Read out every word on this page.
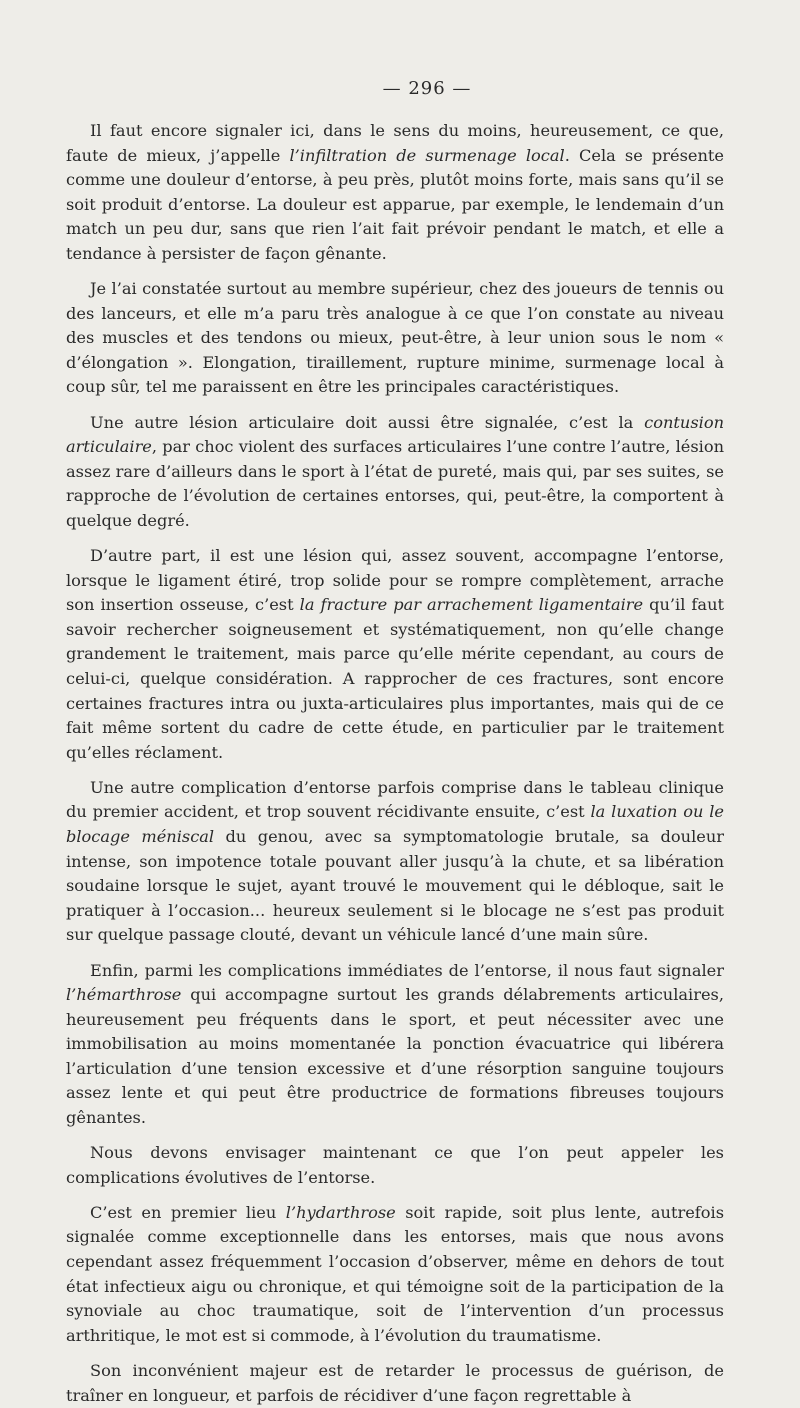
— 296 —

Il faut encore signaler ici, dans le sens du moins, heureusement, ce que, faute de mieux, j’appelle l’infiltration de surmenage local. Cela se présente comme une douleur d’entorse, à peu près, plutôt moins forte, mais sans qu’il se soit produit d’entorse. La douleur est apparue, par exemple, le lendemain d’un match un peu dur, sans que rien l’ait fait prévoir pendant le match, et elle a tendance à persister de façon gênante.

Je l’ai constatée surtout au membre supérieur, chez des joueurs de tennis ou des lanceurs, et elle m’a paru très analogue à ce que l’on constate au niveau des muscles et des tendons ou mieux, peut-être, à leur union sous le nom « d’élongation ». Elongation, tiraillement, rupture minime, surmenage local à coup sûr, tel me paraissent en être les principales caractéristiques.

Une autre lésion articulaire doit aussi être signalée, c’est la contusion articulaire, par choc violent des surfaces articulaires l’une contre l’autre, lésion assez rare d’ailleurs dans le sport à l’état de pureté, mais qui, par ses suites, se rapproche de l’évolution de certaines entorses, qui, peut-être, la comportent à quelque degré.

D’autre part, il est une lésion qui, assez souvent, accompagne l’entorse, lorsque le ligament étiré, trop solide pour se rompre complètement, arrache son insertion osseuse, c’est la fracture par arrachement ligamentaire qu’il faut savoir rechercher soigneusement et systématiquement, non qu’elle change grandement le traitement, mais parce qu’elle mérite cependant, au cours de celui-ci, quelque considération. A rapprocher de ces fractures, sont encore certaines fractures intra ou juxta-articulaires plus importantes, mais qui de ce fait même sortent du cadre de cette étude, en particulier par le traitement qu’elles réclament.

Une autre complication d’entorse parfois comprise dans le tableau clinique du premier accident, et trop souvent récidivante ensuite, c’est la luxation ou le blocage méniscal du genou, avec sa symptomatologie brutale, sa douleur intense, son impotence totale pouvant aller jusqu’à la chute, et sa libération soudaine lorsque le sujet, ayant trouvé le mouvement qui le débloque, sait le pratiquer à l’occasion... heureux seulement si le blocage ne s’est pas produit sur quelque passage clouté, devant un véhicule lancé d’une main sûre.

Enfin, parmi les complications immédiates de l’entorse, il nous faut signaler l’hémarthrose qui accompagne surtout les grands délabrements articulaires, heureusement peu fréquents dans le sport, et peut nécessiter avec une immobilisation au moins momentanée la ponction évacuatrice qui libérera l’articulation d’une tension excessive et d’une résorption sanguine toujours assez lente et qui peut être productrice de formations fibreuses toujours gênantes.

Nous devons envisager maintenant ce que l’on peut appeler les complications évolutives de l’entorse.

C’est en premier lieu l’hydarthrose soit rapide, soit plus lente, autrefois signalée comme exceptionnelle dans les entorses, mais que nous avons cependant assez fréquemment l’occasion d’observer, même en dehors de tout état infectieux aigu ou chronique, et qui témoigne soit de la participation de la synoviale au choc traumatique, soit de l’intervention d’un processus arthritique, le mot est si commode, à l’évolution du traumatisme.

Son inconvénient majeur est de retarder le processus de guérison, de traîner en longueur, et parfois de récidiver d’une façon regrettable à
